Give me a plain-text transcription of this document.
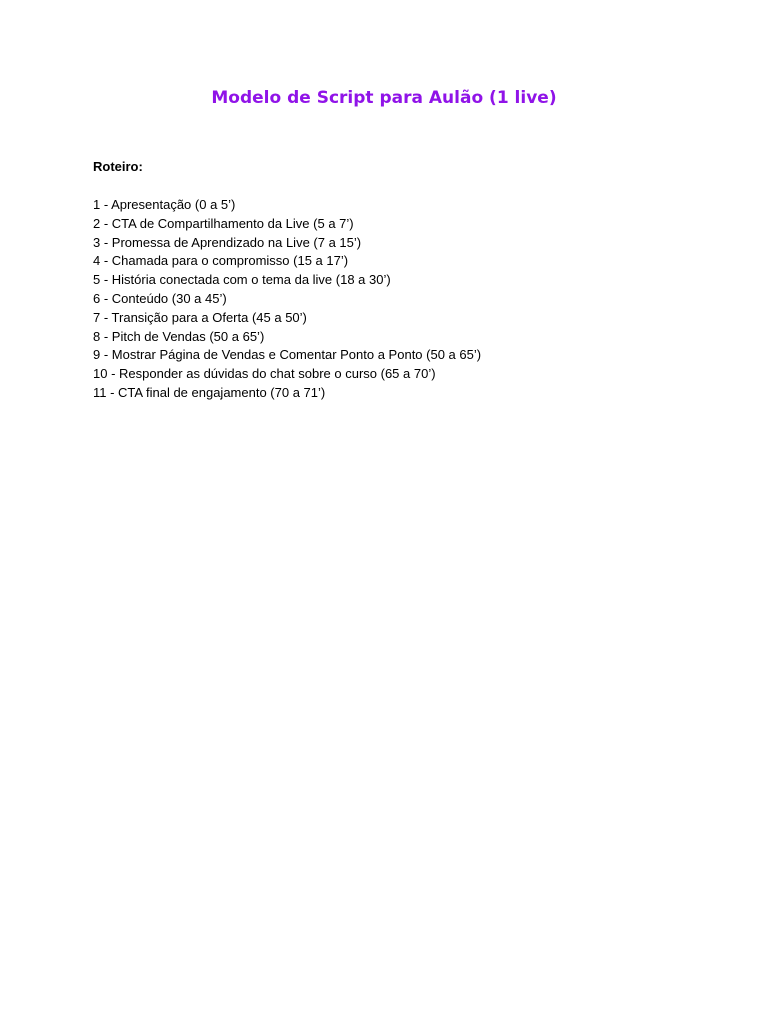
Modelo de Script para Aulão (1 live)

Roteiro:

1 - Apresentação (0 a 5’)
2 - CTA de Compartilhamento da Live (5 a 7’)
3 - Promessa de Aprendizado na Live (7 a 15’)
4 - Chamada para o compromisso (15 a 17’)
5 - História conectada com o tema da live (18 a 30’)
6 - Conteúdo (30 a 45’)
7 - Transição para a Oferta (45 a 50’)
8 - Pitch de Vendas (50 a 65’)
9 - Mostrar Página de Vendas e Comentar Ponto a Ponto (50 a 65’)
10 - Responder as dúvidas do chat sobre o curso (65 a 70’)
11 - CTA final de engajamento (70 a 71’)
